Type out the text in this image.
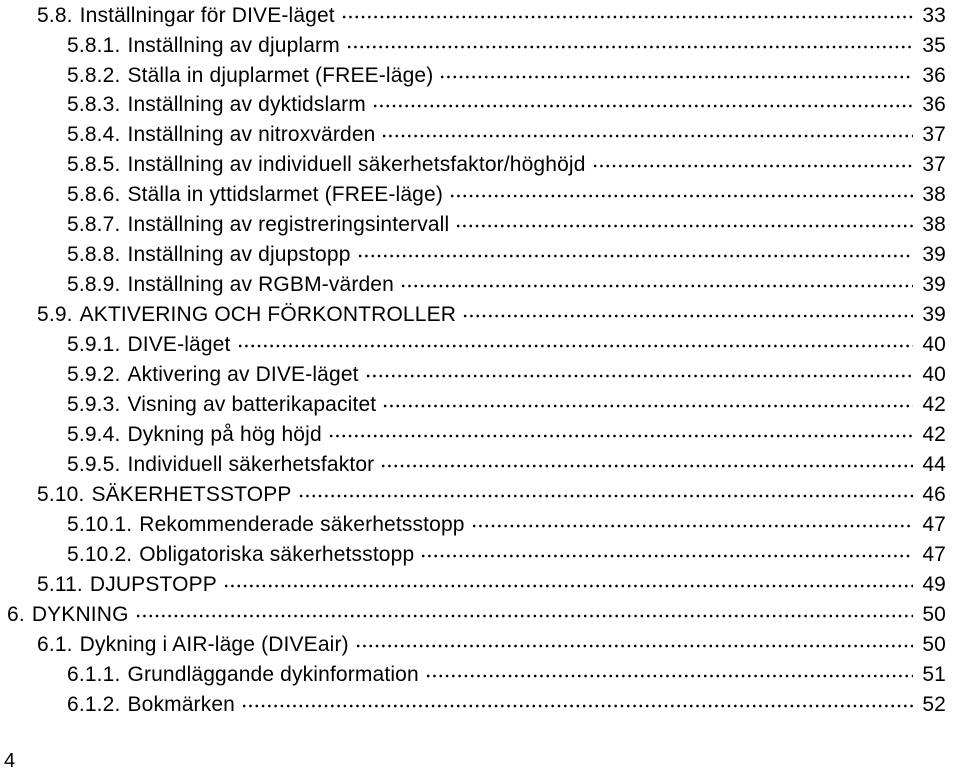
5.8. Inställningar för DIVE-läget	33
5.8.1. Inställning av djuplarm	35
5.8.2. Ställa in djuplarmet (FREE-läge)	36
5.8.3. Inställning av dyktidslarm	36
5.8.4. Inställning av nitroxvärden	37
5.8.5. Inställning av individuell säkerhetsfaktor/höghöjd	37
5.8.6. Ställa in yttidslarmet (FREE-läge)	38
5.8.7. Inställning av registreringsintervall	38
5.8.8. Inställning av djupstopp	39
5.8.9. Inställning av RGBM-värden	39
5.9. AKTIVERING OCH FÖRKONTROLLER	39
5.9.1. DIVE-läget	40
5.9.2. Aktivering av DIVE-läget	40
5.9.3. Visning av batterikapacitet	42
5.9.4. Dykning på hög höjd	42
5.9.5. Individuell säkerhetsfaktor	44
5.10. SÄKERHETSSTOPP	46
5.10.1. Rekommenderade säkerhetsstopp	47
5.10.2. Obligatoriska säkerhetsstopp	47
5.11. DJUPSTOPP	49
6. DYKNING	50
6.1. Dykning i AIR-läge (DIVEair)	50
6.1.1. Grundläggande dykinformation	51
6.1.2. Bokmärken	52
4
